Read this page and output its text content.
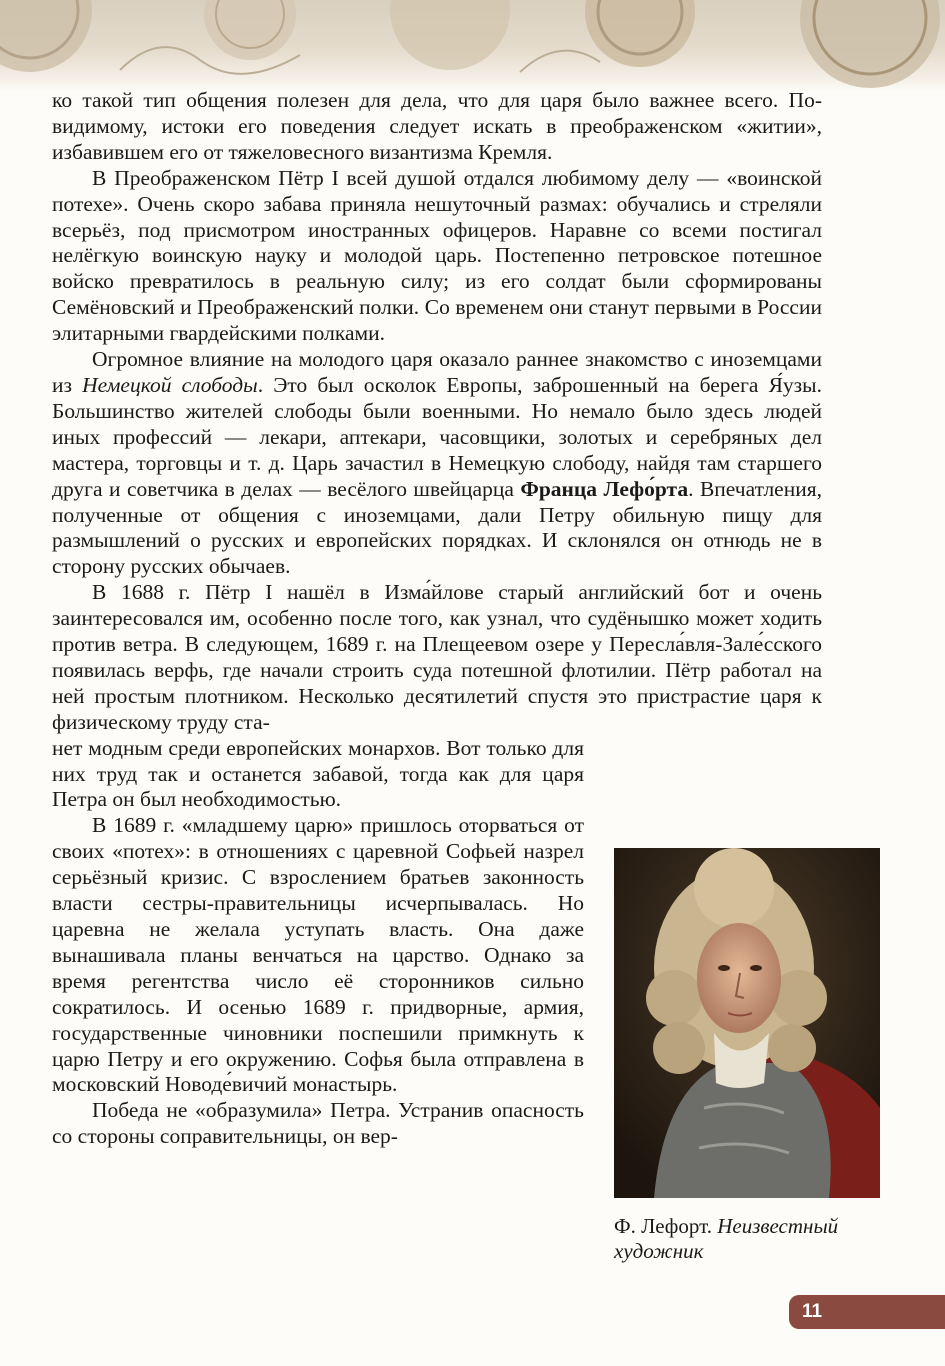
ко такой тип общения полезен для дела, что для царя было важнее всего. По-видимому, истоки его поведения следует искать в преображенском «житии», избавившем его от тяжеловесного византизма Кремля.

В Преображенском Пётр I всей душой отдался любимому делу — «воинской потехе». Очень скоро забава приняла нешуточный размах: обучались и стреляли всерьёз, под присмотром иностранных офицеров. Наравне со всеми постигал нелёгкую воинскую науку и молодой царь. Постепенно петровское потешное войско превратилось в реальную силу; из его солдат были сформированы Семёновский и Преображенский полки. Со временем они станут первыми в России элитарными гвардейскими полками.

Огромное влияние на молодого царя оказало раннее знакомство с иноземцами из Немецкой слободы. Это был осколок Европы, заброшенный на берега Я́узы. Большинство жителей слободы были военными. Но немало было здесь людей иных профессий — лекари, аптекари, часовщики, золотых и серебряных дел мастера, торговцы и т. д. Царь зачастил в Немецкую слободу, найдя там старшего друга и советчика в делах — весёлого швейцарца Франца Лефо́рта. Впечатления, полученные от общения с иноземцами, дали Петру обильную пищу для размышлений о русских и европейских порядках. И склонялся он отнюдь не в сторону русских обычаев.

В 1688 г. Пётр I нашёл в Изма́йлове старый английский бот и очень заинтересовался им, особенно после того, как узнал, что судёнышко может ходить против ветра. В следующем, 1689 г. на Плещеевом озере у Пересла́вля-Зале́сского появилась верфь, где начали строить суда потешной флотилии. Пётр работал на ней простым плотником. Несколько десятилетий спустя это пристрастие царя к физическому труду ста-

нет модным среди европейских монархов. Вот только для них труд так и останется забавой, тогда как для царя Петра он был необходимостью.

В 1689 г. «младшему царю» пришлось оторваться от своих «потех»: в отношениях с царевной Софьей назрел серьёзный кризис. С взрослением братьев законность власти сестры-правительницы исчерпывалась. Но царевна не желала уступать власть. Она даже вынашивала планы венчаться на царство. Однако за время регентства число её сторонников сильно сократилось. И осенью 1689 г. придворные, армия, государственные чиновники поспешили примкнуть к царю Петру и его окружению. Софья была отправлена в московский Новоде́вичий монастырь.

Победа не «образумила» Петра. Устранив опасность со стороны соправительницы, он вер-

Ф. Лефорт. Неизвестный художник
11
